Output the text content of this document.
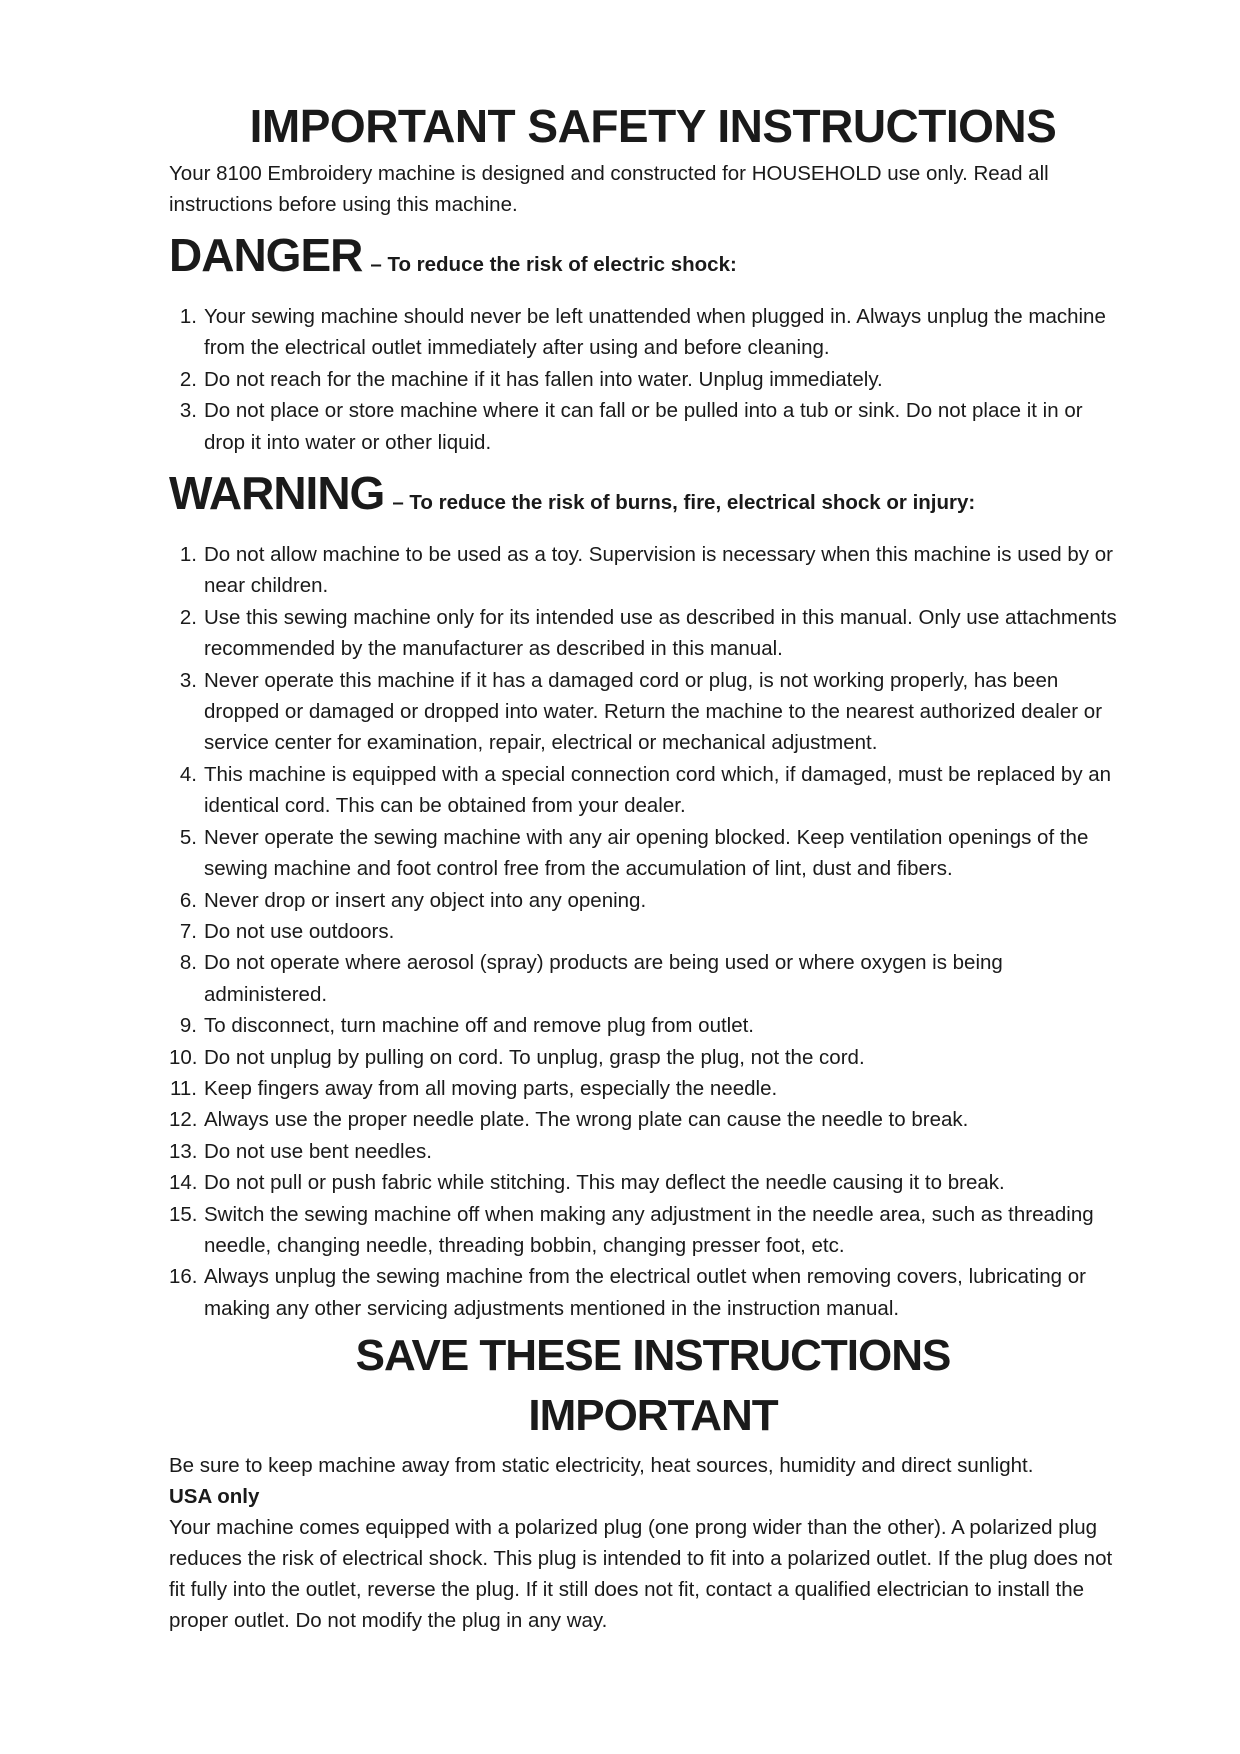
IMPORTANT SAFETY INSTRUCTIONS

Your 8100 Embroidery machine is designed and constructed for HOUSEHOLD use only. Read all instructions before using this machine.

DANGER – To reduce the risk of electric shock:
1. Your sewing machine should never be left unattended when plugged in. Always unplug the machine from the electrical outlet immediately after using and before cleaning.
2. Do not reach for the machine if it has fallen into water. Unplug immediately.
3. Do not place or store machine where it can fall or be pulled into a tub or sink. Do not place it in or drop it into water or other liquid.
WARNING – To reduce the risk of burns, fire, electrical shock or injury:
1. Do not allow machine to be used as a toy. Supervision is necessary when this machine is used by or near children.
2. Use this sewing machine only for its intended use as described in this manual. Only use attachments recommended by the manufacturer as described in this manual.
3. Never operate this machine if it has a damaged cord or plug, is not working properly, has been dropped or damaged or dropped into water. Return the machine to the nearest authorized dealer or service center for examination, repair, electrical or mechanical adjustment.
4. This machine is equipped with a special connection cord which, if damaged, must be replaced by an identical cord. This can be obtained from your dealer.
5. Never operate the sewing machine with any air opening blocked. Keep ventilation openings of the sewing machine and foot control free from the accumulation of lint, dust and fibers.
6. Never drop or insert any object into any opening.
7. Do not use outdoors.
8. Do not operate where aerosol (spray) products are being used or where oxygen is being administered.
9. To disconnect, turn machine off and remove plug from outlet.
10. Do not unplug by pulling on cord. To unplug, grasp the plug, not the cord.
11. Keep fingers away from all moving parts, especially the needle.
12. Always use the proper needle plate. The wrong plate can cause the needle to break.
13. Do not use bent needles.
14. Do not pull or push fabric while stitching. This may deflect the needle causing it to break.
15. Switch the sewing machine off when making any adjustment in the needle area, such as threading needle, changing needle, threading bobbin, changing presser foot, etc.
16. Always unplug the sewing machine from the electrical outlet when removing covers, lubricating or making any other servicing adjustments mentioned in the instruction manual.
SAVE THESE INSTRUCTIONS
IMPORTANT

Be sure to keep machine away from static electricity, heat sources, humidity and direct sunlight.

USA only

Your machine comes equipped with a polarized plug (one prong wider than the other). A polarized plug reduces the risk of electrical shock. This plug is intended to fit into a polarized outlet. If the plug does not fit fully into the outlet, reverse the plug. If it still does not fit, contact a qualified electrician to install the proper outlet. Do not modify the plug in any way.
